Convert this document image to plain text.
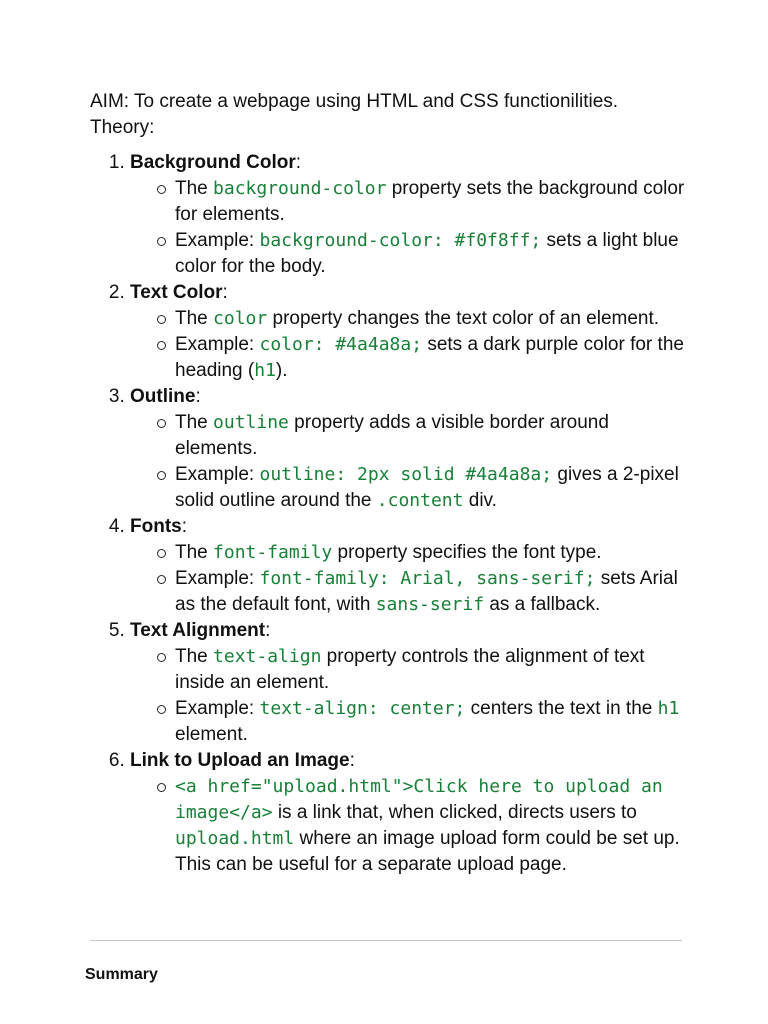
AIM: To create a webpage using HTML and CSS functionilities.

Theory:

1. Background Color:
The background-color property sets the background color for elements.
Example: background-color: #f0f8ff; sets a light blue color for the body.
2. Text Color:
The color property changes the text color of an element.
Example: color: #4a4a8a; sets a dark purple color for the heading (h1).
3. Outline:
The outline property adds a visible border around elements.
Example: outline: 2px solid #4a4a8a; gives a 2-pixel solid outline around the .content div.
4. Fonts:
The font-family property specifies the font type.
Example: font-family: Arial, sans-serif; sets Arial as the default font, with sans-serif as a fallback.
5. Text Alignment:
The text-align property controls the alignment of text inside an element.
Example: text-align: center; centers the text in the h1 element.
6. Link to Upload an Image:
<a href="upload.html">Click here to upload an image</a> is a link that, when clicked, directs users to upload.html where an image upload form could be set up. This can be useful for a separate upload page.

Summary
